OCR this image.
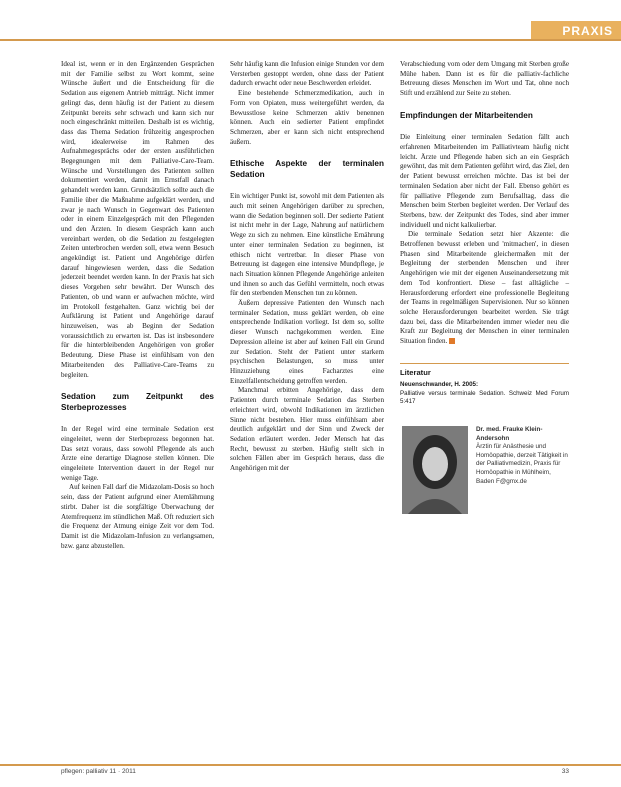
PRAXIS

Ideal ist, wenn er in den Ergänzenden Gesprächen mit der Familie selbst zu Wort kommt, seine Wünsche äußert und die Entscheidung für die Sedation aus eigenem Antrieb mitträgt. Nicht immer gelingt das, denn häufig ist der Patient zu diesem Zeitpunkt bereits sehr schwach und kann sich nur noch eingeschränkt mitteilen. Deshalb ist es wichtig, dass das Thema Sedation frühzeitig angesprochen wird, idealerweise im Rahmen des Aufnahmegesprächs oder der ersten ausführlichen Begegnungen mit dem Palliative-Care-Team. Wünsche und Vorstellungen des Patienten sollten dokumentiert werden, damit im Ernstfall danach gehandelt werden kann. Grundsätzlich sollte auch die Familie über die Maßnahme aufgeklärt werden, und zwar je nach Wunsch in Gegenwart des Patienten oder in einem Einzelgespräch mit den Pflegenden und den Ärzten. In diesem Gespräch kann auch vereinbart werden, ob die Sedation zu festgelegten Zeiten unterbrochen werden soll, etwa wenn Besuch angekündigt ist. Patient und Angehörige dürfen darauf hingewiesen werden, dass die Sedation jederzeit beendet werden kann. In der Praxis hat sich dieses Vorgehen sehr bewährt. Der Wunsch des Patienten, ob und wann er aufwachen möchte, wird im Protokoll festgehalten. Ganz wichtig bei der Aufklärung ist Patient und Angehörige darauf hinzuweisen, was ab Beginn der Sedation voraussichtlich zu erwarten ist. Das ist insbesondere für die hinterbleibenden Angehörigen von großer Bedeutung. Diese Phase ist einfühlsam von den Mitarbeitenden des Palliative-Care-Teams zu begleiten.

Sedation zum Zeitpunkt des Sterbeprozesses

In der Regel wird eine terminale Sedation erst eingeleitet, wenn der Sterbeprozess begonnen hat. Das setzt voraus, dass sowohl Pflegende als auch Ärzte eine derartige Diagnose stellen können. Die eingeleitete Intervention dauert in der Regel nur wenige Tage.

Auf keinen Fall darf die Midazolam-Dosis so hoch sein, dass der Patient aufgrund einer Atemlähmung stirbt. Daher ist die sorgfältige Überwachung der Atemfrequenz im stündlichen Maß. Oft reduziert sich die Frequenz der Atmung einige Zeit vor dem Tod. Damit ist die Midazolam-Infusion zu verlangsamen, bzw. ganz abzustellen.

Sehr häufig kann die Infusion einige Stunden vor dem Versterben gestoppt werden, ohne dass der Patient dadurch erwacht oder neue Beschwerden erleidet.

Eine bestehende Schmerzmedikation, auch in Form von Opiaten, muss weitergeführt werden, da Bewusstlose keine Schmerzen aktiv benennen können. Auch ein sedierter Patient empfindet Schmerzen, aber er kann sich nicht entsprechend äußern.

Ethische Aspekte der terminalen Sedation

Ein wichtiger Punkt ist, sowohl mit dem Patienten als auch mit seinen Angehörigen darüber zu sprechen, wann die Sedation beginnen soll. Der sedierte Patient ist nicht mehr in der Lage, Nahrung auf natürlichem Wege zu sich zu nehmen. Eine künstliche Ernährung unter einer terminalen Sedation zu beginnen, ist ethisch nicht vertretbar. In dieser Phase von Betreuung ist dagegen eine intensive Mundpflege, je nach Situation können Pflegende Angehörige anleiten und ihnen so auch das Gefühl vermitteln, noch etwas für den sterbenden Menschen tun zu können.

Äußern depressive Patienten den Wunsch nach terminaler Sedation, muss geklärt werden, ob eine entsprechende Indikation vorliegt. Ist dem so, sollte dieser Wunsch nachgekommen werden. Eine Depression alleine ist aber auf keinen Fall ein Grund zur Sedation. Steht der Patient unter starkem psychischen Belastungen, so muss unter Hinzuziehung eines Facharztes eine Einzelfallentscheidung getroffen werden.

Manchmal erbitten Angehörige, dass dem Patienten durch terminale Sedation das Sterben erleichtert wird, obwohl Indikationen im ärztlichen Sinne nicht bestehen. Hier muss einfühlsam aber deutlich aufgeklärt und der Sinn und Zweck der Sedation erläutert werden. Jeder Mensch hat das Recht, bewusst zu sterben. Häufig stellt sich in solchen Fällen aber im Gespräch heraus, dass die Angehörigen mit der

Verabschiedung vom oder dem Umgang mit Sterben große Mühe haben. Dann ist es für die palliativ-fachliche Betreuung dieses Menschen im Wort und Tat, ohne noch Stift und erzählend zur Seite zu stehen.

Empfindungen der Mitarbeitenden

Die Einleitung einer terminalen Sedation fällt auch erfahrenen Mitarbeitenden im Palliativteam häufig nicht leicht. Ärzte und Pflegende haben sich an ein Gespräch gewöhnt, das mit dem Patienten geführt wird, das Ziel, den der Patient bewusst erreichen möchte. Das ist bei der terminalen Sedation aber nicht der Fall. Ebenso gehört es für palliative Pflegende zum Berufsalltag, dass die Menschen beim Sterben begleitet werden. Der Verlauf des Sterbens, bzw. der Zeitpunkt des Todes, sind aber immer individuell und nicht kalkulierbar.

Die terminale Sedation setzt hier Akzente: die Betroffenen bewusst erleben und 'mitmachen', in diesen Phasen sind Mitarbeitende gleichermaßen mit der Begleitung der sterbenden Menschen und ihrer Angehörigen wie mit der eigenen Auseinandersetzung mit dem Tod konfrontiert. Diese – fast alltägliche – Herausforderung erfordert eine professionelle Begleitung der Teams in regelmäßigen Supervisionen. Nur so können solche Herausforderungen bearbeitet werden. Sie trägt dazu bei, dass die Mitarbeitenden immer wieder neu die Kraft zur Begleitung der Menschen in einer terminalen Situation finden.

Literatur
Neuenschwander, H. 2005:
Palliative versus terminale Sedation. Schweiz Med Forum 5:417
Dr. med. Frauke Klein-Andersohn
Ärztin für Anästhesie und Homöopathie, derzeit Tätigkeit in der Palliativmedizin, Praxis für Homöopathie in Mühlheim, Baden F@gmx.de
pflegen: palliativ 11 · 2011	33
